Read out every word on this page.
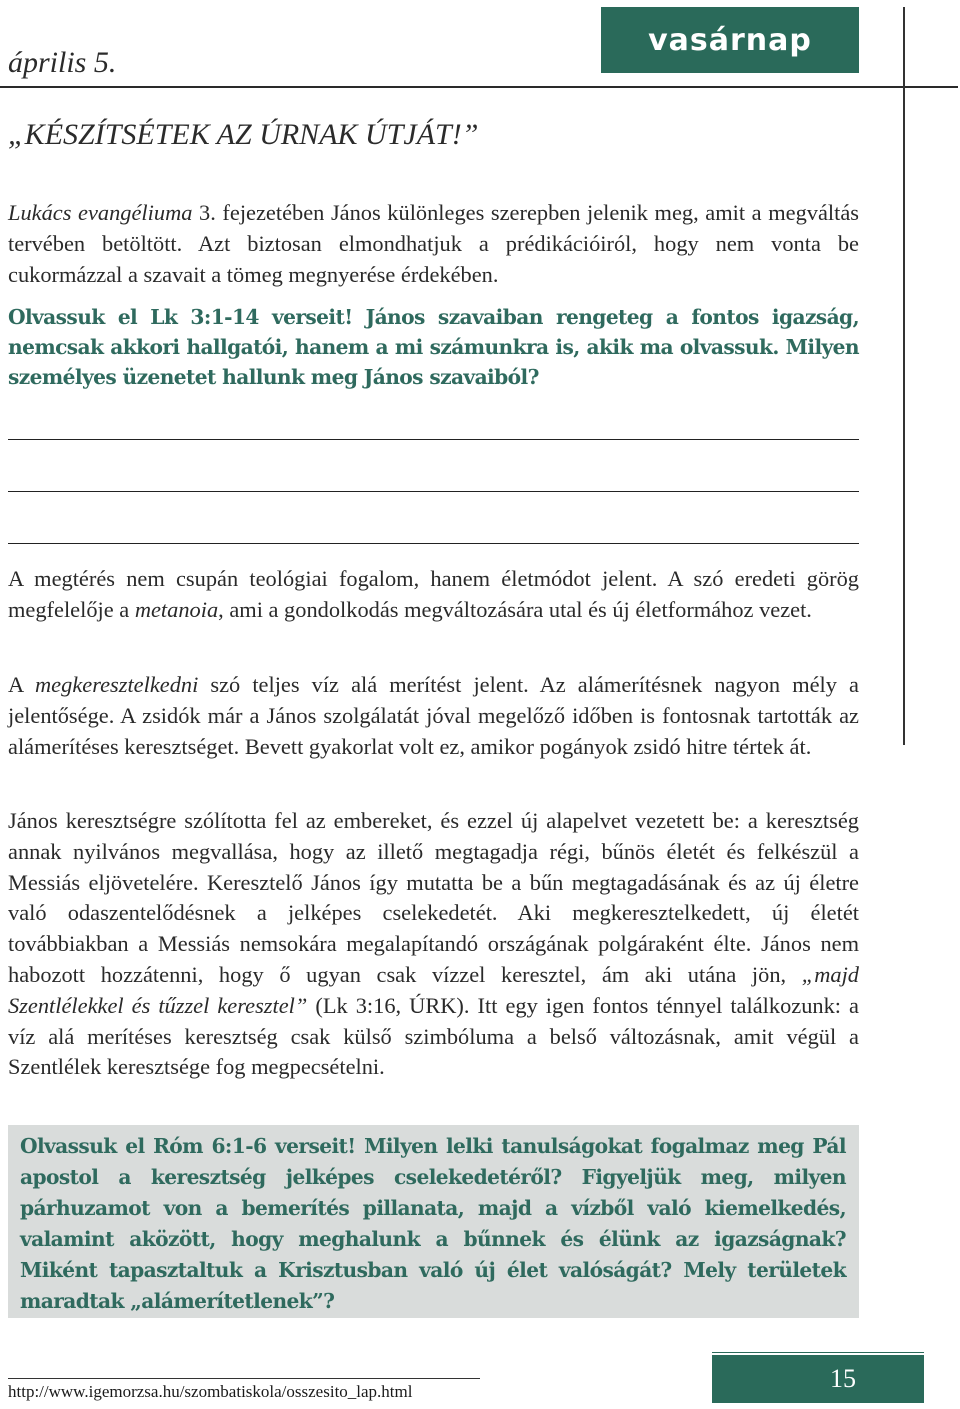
április 5.
vasárnap
„KÉSZÍTSÉTEK AZ ÚRNAK ÚTJÁT!”

Lukács evangéliuma 3. fejezetében János különleges szerepben jelenik meg, amit a megváltás tervében betöltött. Azt biztosan elmondhatjuk a prédikációiról, hogy nem vonta be cukormázzal a szavait a tömeg megnyerése érdekében.

Olvassuk el Lk 3:1-14 verseit! János szavaiban rengeteg a fontos igazság, nemcsak akkori hallgatói, hanem a mi számunkra is, akik ma olvassuk. Milyen személyes üzenetet hallunk meg János szavaiból?

A megtérés nem csupán teológiai fogalom, hanem életmódot jelent. A szó eredeti görög megfelelője a metanoia, ami a gondolkodás megváltozására utal és új életformához vezet.

A megkeresztelkedni szó teljes víz alá merítést jelent. Az alámerítésnek nagyon mély a jelentősége. A zsidók már a János szolgálatát jóval megelőző időben is fontosnak tartották az alámerítéses keresztséget. Bevett gyakorlat volt ez, amikor pogányok zsidó hitre tértek át.

János keresztségre szólította fel az embereket, és ezzel új alapelvet vezetett be: a keresztség annak nyilvános megvallása, hogy az illető megtagadja régi, bűnös életét és felkészül a Messiás eljövetelére. Keresztelő János így mutatta be a bűn megtagadásának és az új életre való odaszentelődésnek a jelképes cselekedetét. Aki megkeresztelkedett, új életét továbbiakban a Messiás nemsokára megalapítandó országának polgáraként élte. János nem habozott hozzátenni, hogy ő ugyan csak vízzel keresztel, ám aki utána jön, „majd Szentlélekkel és tűzzel keresztel” (Lk 3:16, ÚRK). Itt egy igen fontos ténnyel találkozunk: a víz alá merítéses keresztség csak külső szimbóluma a belső változásnak, amit végül a Szentlélek keresztsége fog megpecsételni.

Olvassuk el Róm 6:1-6 verseit! Milyen lelki tanulságokat fogalmaz meg Pál apostol a keresztség jelképes cselekedetéről? Figyeljük meg, milyen párhuzamot von a bemerítés pillanata, majd a vízből való kiemelkedés, valamint aközött, hogy meghalunk a bűnnek és élünk az igazságnak? Miként tapasztaltuk a Krisztusban való új élet valóságát? Mely területek maradtak „alámerítetlenek”?

http://www.igemorzsa.hu/szombatiskola/osszesito_lap.html	15
